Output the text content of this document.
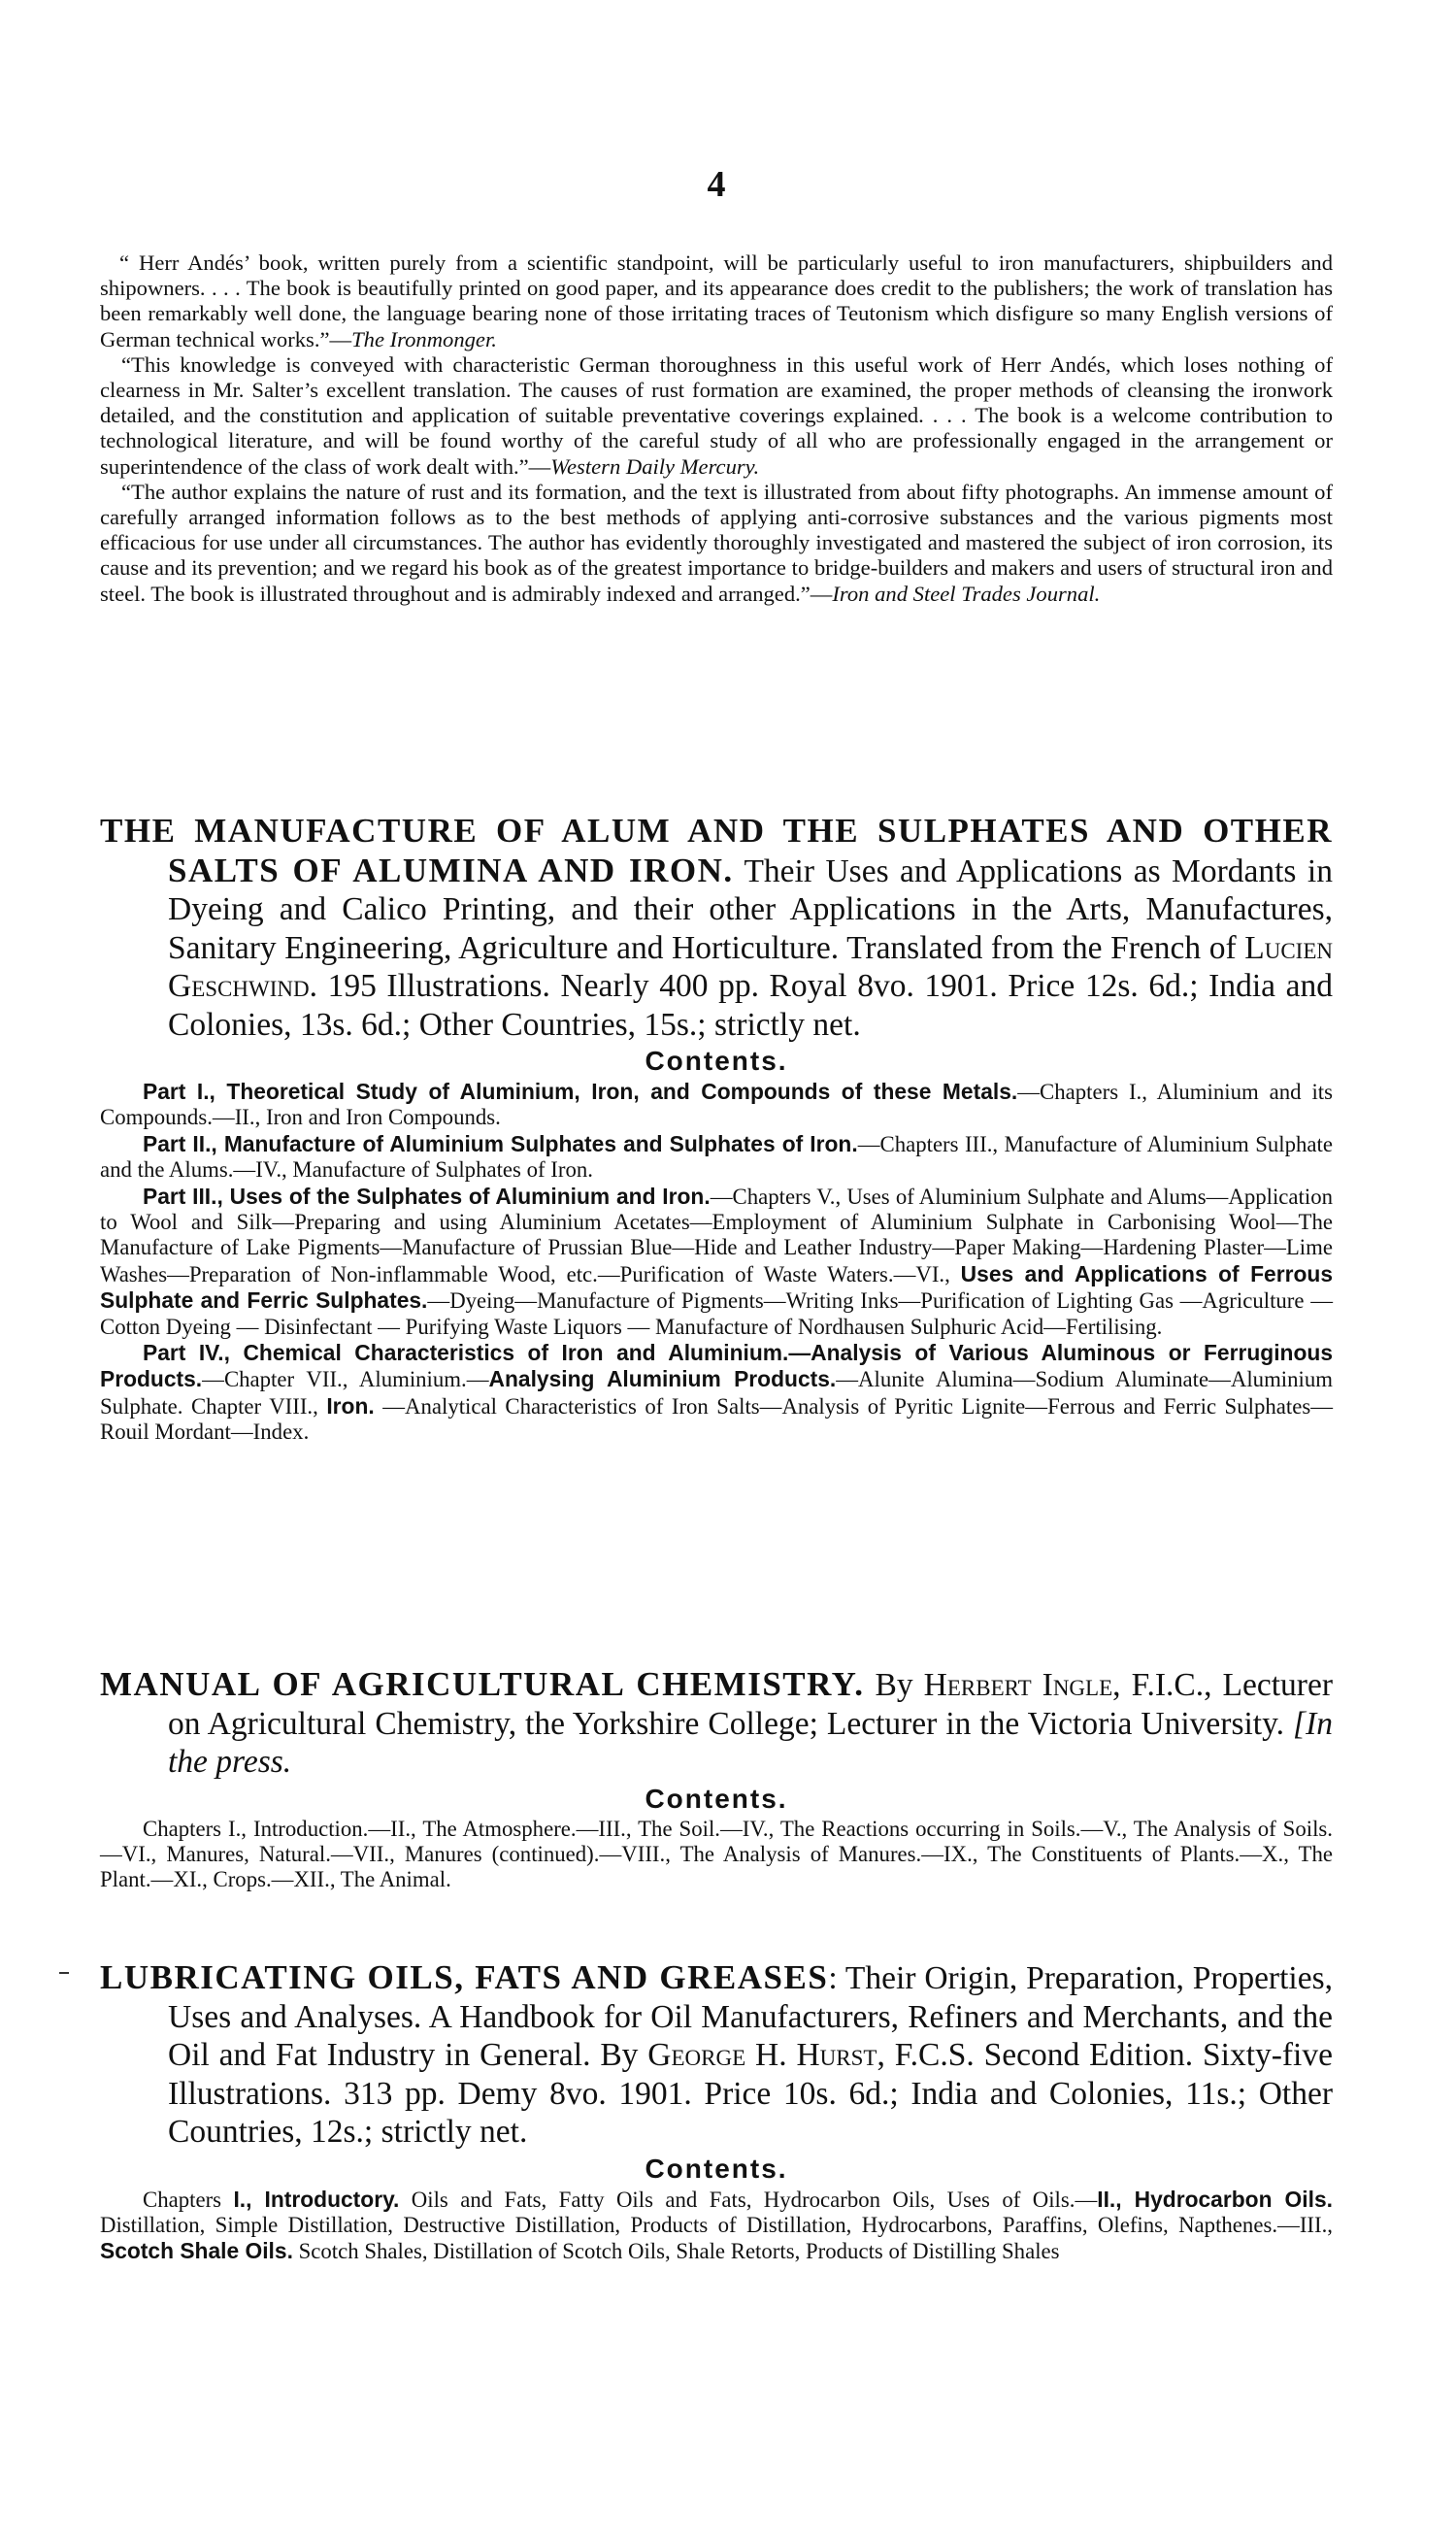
4

“ Herr Andés’ book, written purely from a scientific standpoint, will be particularly useful to iron manufacturers, shipbuilders and shipowners. . . . The book is beautifully printed on good paper, and its appearance does credit to the publishers; the work of translation has been remarkably well done, the language bearing none of those irritating traces of Teutonism which disfigure so many English versions of German technical works.”—The Ironmonger.

“This knowledge is conveyed with characteristic German thoroughness in this useful work of Herr Andés, which loses nothing of clearness in Mr. Salter’s excellent translation. The causes of rust formation are examined, the proper methods of cleansing the ironwork detailed, and the constitution and application of suitable preventative coverings explained. . . . The book is a welcome contribution to technological literature, and will be found worthy of the careful study of all who are professionally engaged in the arrangement or superintendence of the class of work dealt with.”—Western Daily Mercury.

“The author explains the nature of rust and its formation, and the text is illustrated from about fifty photographs. An immense amount of carefully arranged information follows as to the best methods of applying anti-corrosive substances and the various pigments most efficacious for use under all circumstances. The author has evidently thoroughly investigated and mastered the subject of iron corrosion, its cause and its prevention; and we regard his book as of the greatest importance to bridge-builders and makers and users of structural iron and steel. The book is illustrated throughout and is admirably indexed and arranged.”—Iron and Steel Trades Journal.

THE MANUFACTURE OF ALUM AND THE SULPHATES AND OTHER SALTS OF ALUMINA AND IRON. Their Uses and Applications as Mordants in Dyeing and Calico Printing, and their other Applications in the Arts, Manufactures, Sanitary Engineering, Agriculture and Horticulture. Translated from the French of Lucien Geschwind. 195 Illustrations. Nearly 400 pp. Royal 8vo. 1901. Price 12s. 6d.; India and Colonies, 13s. 6d.; Other Countries, 15s.; strictly net.

Contents.

Part I., Theoretical Study of Aluminium, Iron, and Compounds of these Metals.—Chapters I., Aluminium and its Compounds.—II., Iron and Iron Compounds.

Part II., Manufacture of Aluminium Sulphates and Sulphates of Iron.—Chapters III., Manufacture of Aluminium Sulphate and the Alums.—IV., Manufacture of Sulphates of Iron.

Part III., Uses of the Sulphates of Aluminium and Iron.—Chapters V., Uses of Aluminium Sulphate and Alums—Application to Wool and Silk—Preparing and using Aluminium Acetates—Employment of Aluminium Sulphate in Carbonising Wool—The Manufacture of Lake Pigments—Manufacture of Prussian Blue—Hide and Leather Industry—Paper Making—Hardening Plaster—Lime Washes—Preparation of Non-inflammable Wood, etc.—Purification of Waste Waters.—VI., Uses and Applications of Ferrous Sulphate and Ferric Sulphates.—Dyeing—Manufacture of Pigments—Writing Inks—Purification of Lighting Gas —Agriculture — Cotton Dyeing — Disinfectant — Purifying Waste Liquors — Manufacture of Nordhausen Sulphuric Acid—Fertilising.

Part IV., Chemical Characteristics of Iron and Aluminium.—Analysis of Various Aluminous or Ferruginous Products.—Chapter VII., Aluminium.—Analysing Aluminium Products.—Alunite Alumina—Sodium Aluminate—Aluminium Sulphate. Chapter VIII., Iron. —Analytical Characteristics of Iron Salts—Analysis of Pyritic Lignite—Ferrous and Ferric Sulphates—Rouil Mordant—Index.

MANUAL OF AGRICULTURAL CHEMISTRY. By Herbert Ingle, F.I.C., Lecturer on Agricultural Chemistry, the Yorkshire College; Lecturer in the Victoria University. [In the press.

Contents.

Chapters I., Introduction.—II., The Atmosphere.—III., The Soil.—IV., The Reactions occurring in Soils.—V., The Analysis of Soils.—VI., Manures, Natural.—VII., Manures (continued).—VIII., The Analysis of Manures.—IX., The Constituents of Plants.—X., The Plant.—XI., Crops.—XII., The Animal.

LUBRICATING OILS, FATS AND GREASES: Their Origin, Preparation, Properties, Uses and Analyses. A Handbook for Oil Manufacturers, Refiners and Merchants, and the Oil and Fat Industry in General. By George H. Hurst, F.C.S. Second Edition. Sixty-five Illustrations. 313 pp. Demy 8vo. 1901. Price 10s. 6d.; India and Colonies, 11s.; Other Countries, 12s.; strictly net.

Contents.

Chapters I., Introductory. Oils and Fats, Fatty Oils and Fats, Hydrocarbon Oils, Uses of Oils.—II., Hydrocarbon Oils. Distillation, Simple Distillation, Destructive Distillation, Products of Distillation, Hydrocarbons, Paraffins, Olefins, Napthenes.—III., Scotch Shale Oils. Scotch Shales, Distillation of Scotch Oils, Shale Retorts, Products of Distilling Shales
